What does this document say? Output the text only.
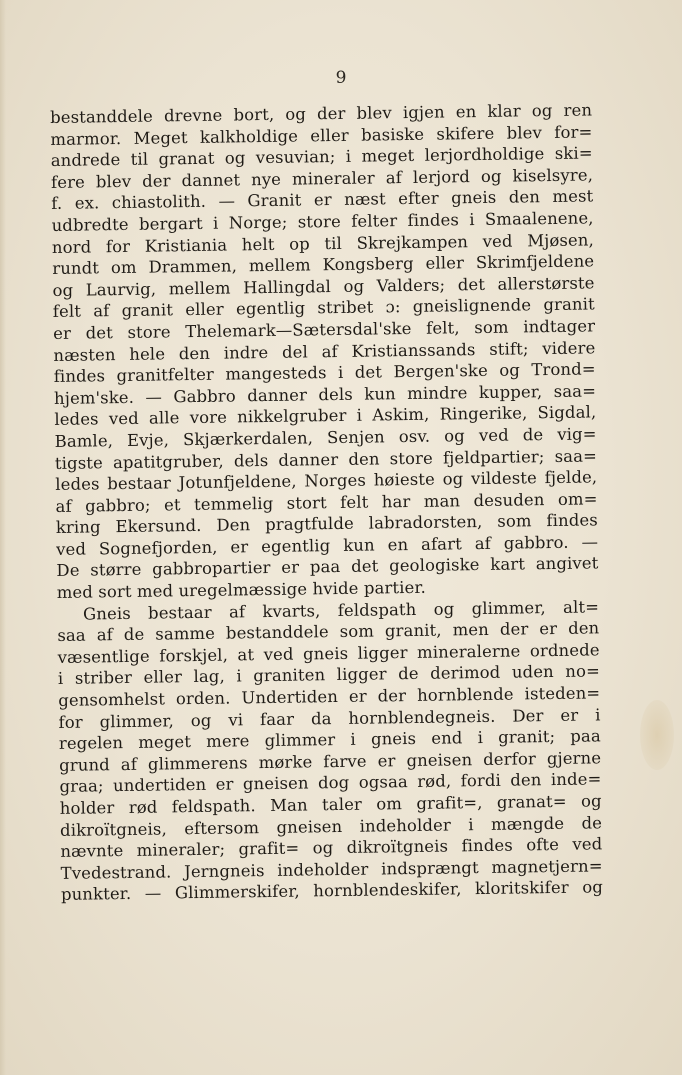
9
bestanddele drevne bort, og der blev igjen en klar og ren
marmor. Meget kalkholdige eller basiske skifere blev for=
andrede til granat og vesuvian; i meget lerjordholdige ski=
fere blev der dannet nye mineraler af lerjord og kiselsyre,
f. ex. chiastolith. — Granit er næst efter gneis den mest
udbredte bergart i Norge; store felter findes i Smaalenene,
nord for Kristiania helt op til Skrejkampen ved Mjøsen,
rundt om Drammen, mellem Kongsberg eller Skrimfjeldene
og Laurvig, mellem Hallingdal og Valders; det allerstørste
felt af granit eller egentlig stribet ɔ: gneislignende granit
er det store Thelemark—Sætersdal'ske felt, som indtager
næsten hele den indre del af Kristianssands stift; videre
findes granitfelter mangesteds i det Bergen'ske og Trond=
hjem'ske. — Gabbro danner dels kun mindre kupper, saa=
ledes ved alle vore nikkelgruber i Askim, Ringerike, Sigdal,
Bamle, Evje, Skjærkerdalen, Senjen osv. og ved de vig=
tigste apatitgruber, dels danner den store fjeldpartier; saa=
ledes bestaar Jotunfjeldene, Norges høieste og vildeste fjelde,
af gabbro; et temmelig stort felt har man desuden om=
kring Ekersund. Den pragtfulde labradorsten, som findes
ved Sognefjorden, er egentlig kun en afart af gabbro. —
De større gabbropartier er paa det geologiske kart angivet
med sort med uregelmæssige hvide partier.
Gneis bestaar af kvarts, feldspath og glimmer, alt=
saa af de samme bestanddele som granit, men der er den
væsentlige forskjel, at ved gneis ligger mineralerne ordnede
i striber eller lag, i graniten ligger de derimod uden no=
gensomhelst orden. Undertiden er der hornblende isteden=
for glimmer, og vi faar da hornblendegneis. Der er i
regelen meget mere glimmer i gneis end i granit; paa
grund af glimmerens mørke farve er gneisen derfor gjerne
graa; undertiden er gneisen dog ogsaa rød, fordi den inde=
holder rød feldspath. Man taler om grafit=, granat= og
dikroïtgneis, eftersom gneisen indeholder i mængde de
nævnte mineraler; grafit= og dikroïtgneis findes ofte ved
Tvedestrand. Jerngneis indeholder indsprængt magnetjern=
punkter. — Glimmerskifer, hornblendeskifer, kloritskifer og
